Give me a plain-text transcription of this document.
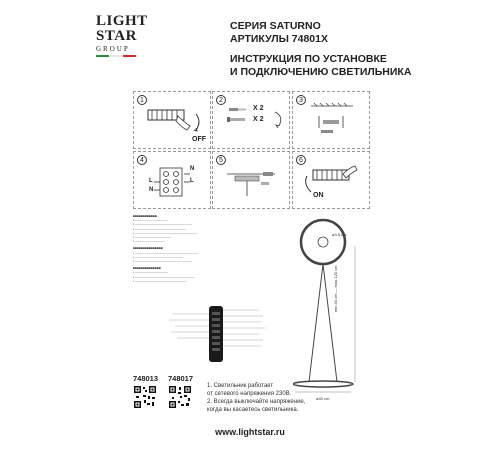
LIGHT
STAR
GROUP
СЕРИЯ SATURNO
АРТИКУЛЫ 74801X
ИНСТРУКЦИЯ ПО УСТАНОВКЕ
И ПОДКЛЮЧЕНИЮ СВЕТИЛЬНИКА
1
OFF
2
X 2
X 2
3
4
N
L
L
N
5	6
ON
■■■■■■■■■■■■
• ———————————
• ———————————————————
• —————————————————
• —————————————————————
• ————————————
• ——————————
■■■■■■■■■■■■■■■
• —————————————————————
• ————————————————
• ———————————————————
■■■■■■■■■■■■■■
• ———————————
• ————————————————————
• —————————————————
ø3,5 cm
min 40 cm — max 120 cm
ø40 cm
748013 748017
1. Светильник работает
от сетевого напряжения 230В.
2. Всегда выключайте напряжение,
когда вы касаетесь светильника.
www.lightstar.ru
